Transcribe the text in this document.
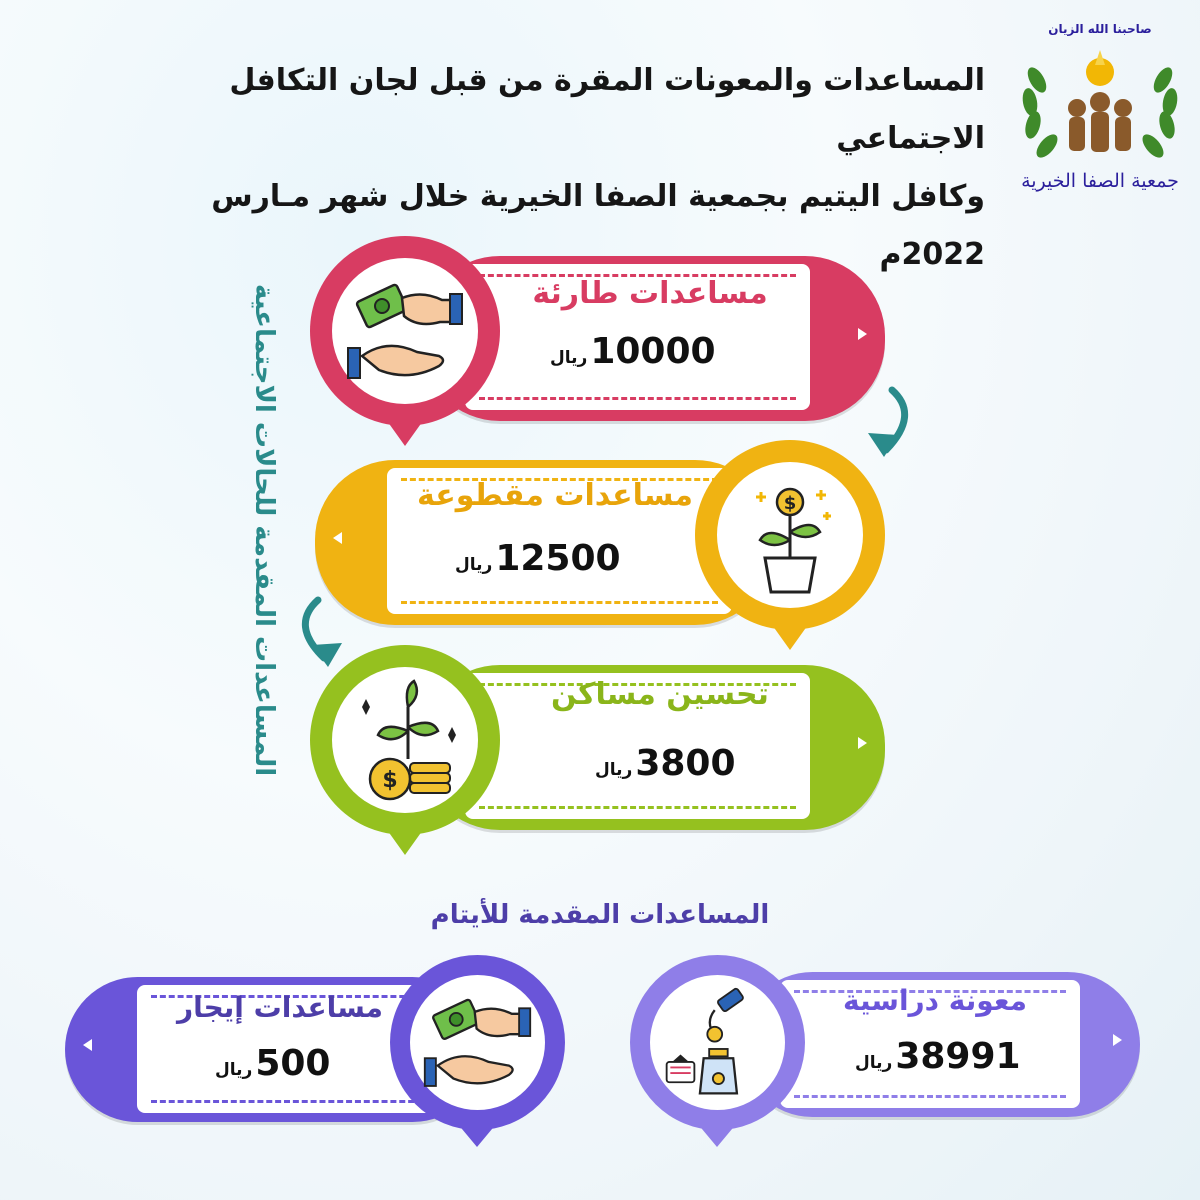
المساعدات والمعونات المقرة من قبل لجان التكافل الاجتماعي
وكافل اليتيم بجمعية الصفا الخيرية خلال شهر مـارس 2022م
صاحبنا الله الزيان
جمعية الصفا الخيرية
المساعدات المقدمة للحالات الاجتماعية	مساعدات طارئة
10000ريال
مساعدات مقطوعة
12500ريال
$
تحسين مساكن
3800ريال
$
المساعدات المقدمة للأيتام
مساعدات إيجار
500ريال
معونة دراسية
38991ريال
